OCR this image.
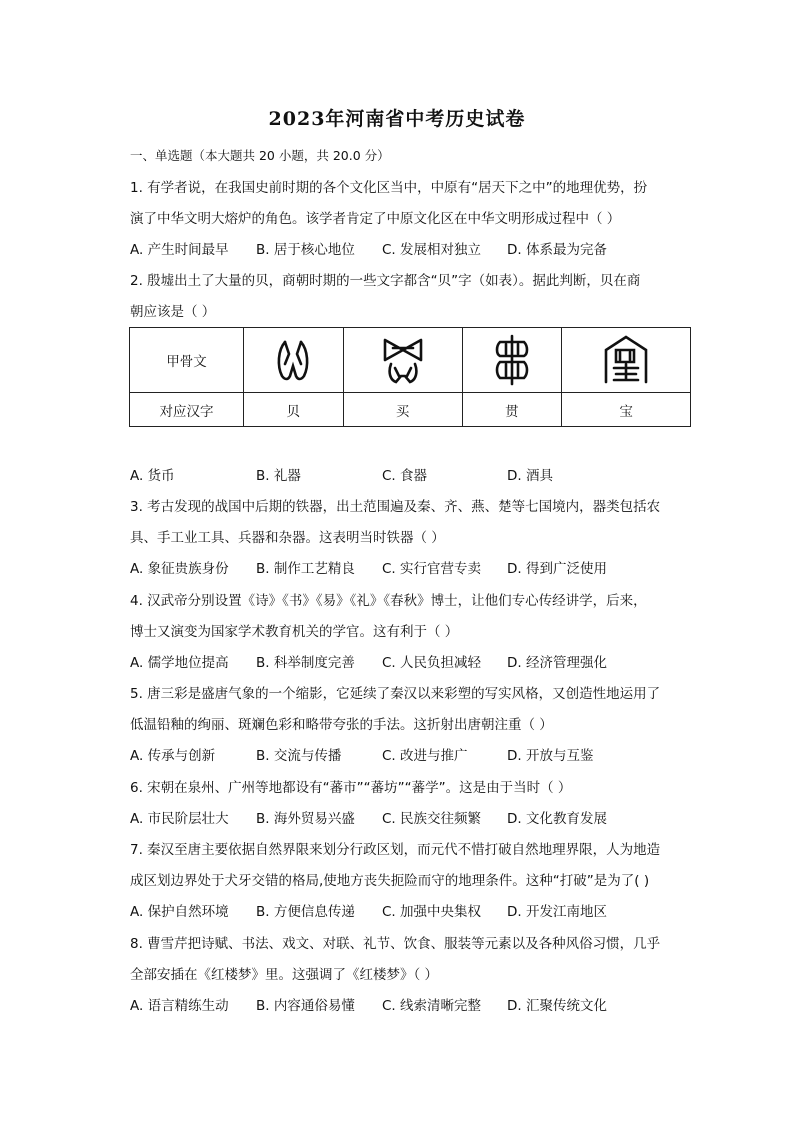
2023年河南省中考历史试卷
一、单选题（本大题共 20 小题，共 20.0 分）
1. 有学者说，在我国史前时期的各个文化区当中，中原有“居天下之中”的地理优势，扮
演了中华文明大熔炉的角色。该学者肯定了中原文化区在中华文明形成过程中（ ）
A. 产生时间最早 B. 居于核心地位 C. 发展相对独立 D. 体系最为完备
2. 殷墟出土了大量的贝，商朝时期的一些文字都含“贝”字（如表）。据此判断，贝在商
朝应该是（ ）
甲骨文	

对应汉字	贝	买	贯	宝
A. 货币	B. 礼器	C. 食器	D. 酒具
3. 考古发现的战国中后期的铁器，出土范围遍及秦、齐、燕、楚等七国境内，器类包括农
具、手工业工具、兵器和杂器。这表明当时铁器（ ）
A. 象征贵族身份 B. 制作工艺精良 C. 实行官营专卖 D. 得到广泛使用
4. 汉武帝分别设置《诗》《书》《易》《礼》《春秋》博士，让他们专心传经讲学，后来，
博士又演变为国家学术教育机关的学官。这有利于（ ）
A. 儒学地位提高 B. 科举制度完善 C. 人民负担减轻 D. 经济管理强化
5. 唐三彩是盛唐气象的一个缩影，它延续了秦汉以来彩塑的写实风格，又创造性地运用了
低温铅釉的绚丽、斑斓色彩和略带夸张的手法。这折射出唐朝注重（ ）
A. 传承与创新	B. 交流与传播	C. 改进与推广	D. 开放与互鉴
6. 宋朝在泉州、广州等地都设有“蕃市”“蕃坊”“蕃学”。这是由于当时（ ）
A. 市民阶层壮大 B. 海外贸易兴盛 C. 民族交往频繁 D. 文化教育发展
7. 秦汉至唐主要依据自然界限来划分行政区划，而元代不惜打破自然地理界限，人为地造
成区划边界处于犬牙交错的格局,使地方丧失扼险而守的地理条件。这种“打破”是为了( )
A. 保护自然环境 B. 方便信息传递 C. 加强中央集权 D. 开发江南地区
8. 曹雪芹把诗赋、书法、戏文、对联、礼节、饮食、服装等元素以及各种风俗习惯，几乎
全部安插在《红楼梦》里。这强调了《红楼梦》（ ）
A. 语言精练生动 B. 内容通俗易懂 C. 线索清晰完整 D. 汇聚传统文化
